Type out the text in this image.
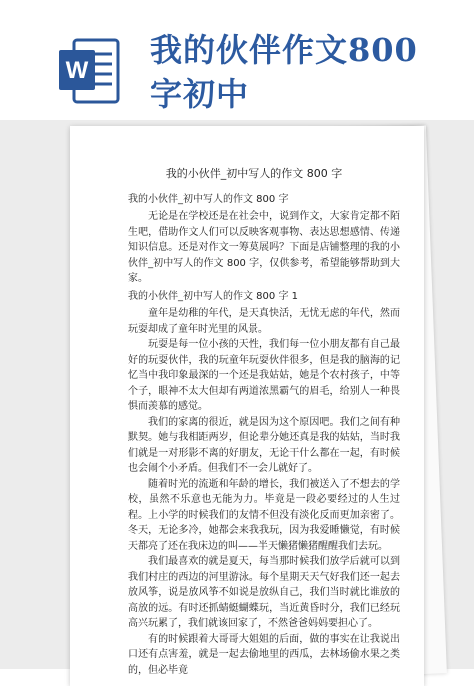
W
我的伙伴作文800字初中
我的小伙伴_初中写人的作文 800 字

我的小伙伴_初中写人的作文 800 字

无论是在学校还是在社会中，说到作文，大家肯定都不陌生吧，借助作文人们可以反映客观事物、表达思想感情、传递知识信息。还是对作文一筹莫展吗？下面是店铺整理的我的小伙伴_初中写人的作文 800 字，仅供参考，希望能够帮助到大家。

我的小伙伴_初中写人的作文 800 字 1

童年是幼稚的年代，是天真快活，无忧无虑的年代，然而玩耍却成了童年时光里的风景。

玩耍是每一位小孩的天性，我们每一位小朋友都有自己最好的玩耍伙伴，我的玩童年玩耍伙伴很多，但是我的脑海的记忆当中我印象最深的一个还是我姑姑，她是个农村孩子，中等个子，眼神不太大但却有两道浓黑霸气的眉毛，给别人一种畏惧而羡慕的感觉。

我们的家离的很近，就是因为这个原因吧。我们之间有种默契。她与我相距两岁，但论辈分她还真是我的姑姑，当时我们就是一对形影不离的好朋友，无论干什么都在一起，有时候也会闹个小矛盾。但我们不一会儿就好了。

随着时光的流逝和年龄的增长，我们被送入了不想去的学校，虽然不乐意也无能为力。毕竟是一段必要经过的人生过程。上小学的时候我们的友情不但没有淡化反而更加亲密了。冬天，无论多冷，她都会来我我玩，因为我爱睡懒觉，有时候天都亮了还在我床边的叫——半天懒猪懒猪醒醒我们去玩。

我们最喜欢的就是夏天，每当那时候我们放学后就可以到我们村庄的西边的河里游泳。每个星期天天气好我们还一起去放风筝，说是放风筝不如说是放纵自己，我们当时就比谁放的高放的远。有时还抓蜻蜓蝴蝶玩，当近黄昏时分，我们已经玩高兴玩累了，我们就该回家了，不然爸爸妈妈要担心了。

有的时候跟着大哥哥大姐姐的后面，做的事实在让我说出口还有点害羞，就是一起去偷地里的西瓜，去林场偷水果之类的，但必毕竟
